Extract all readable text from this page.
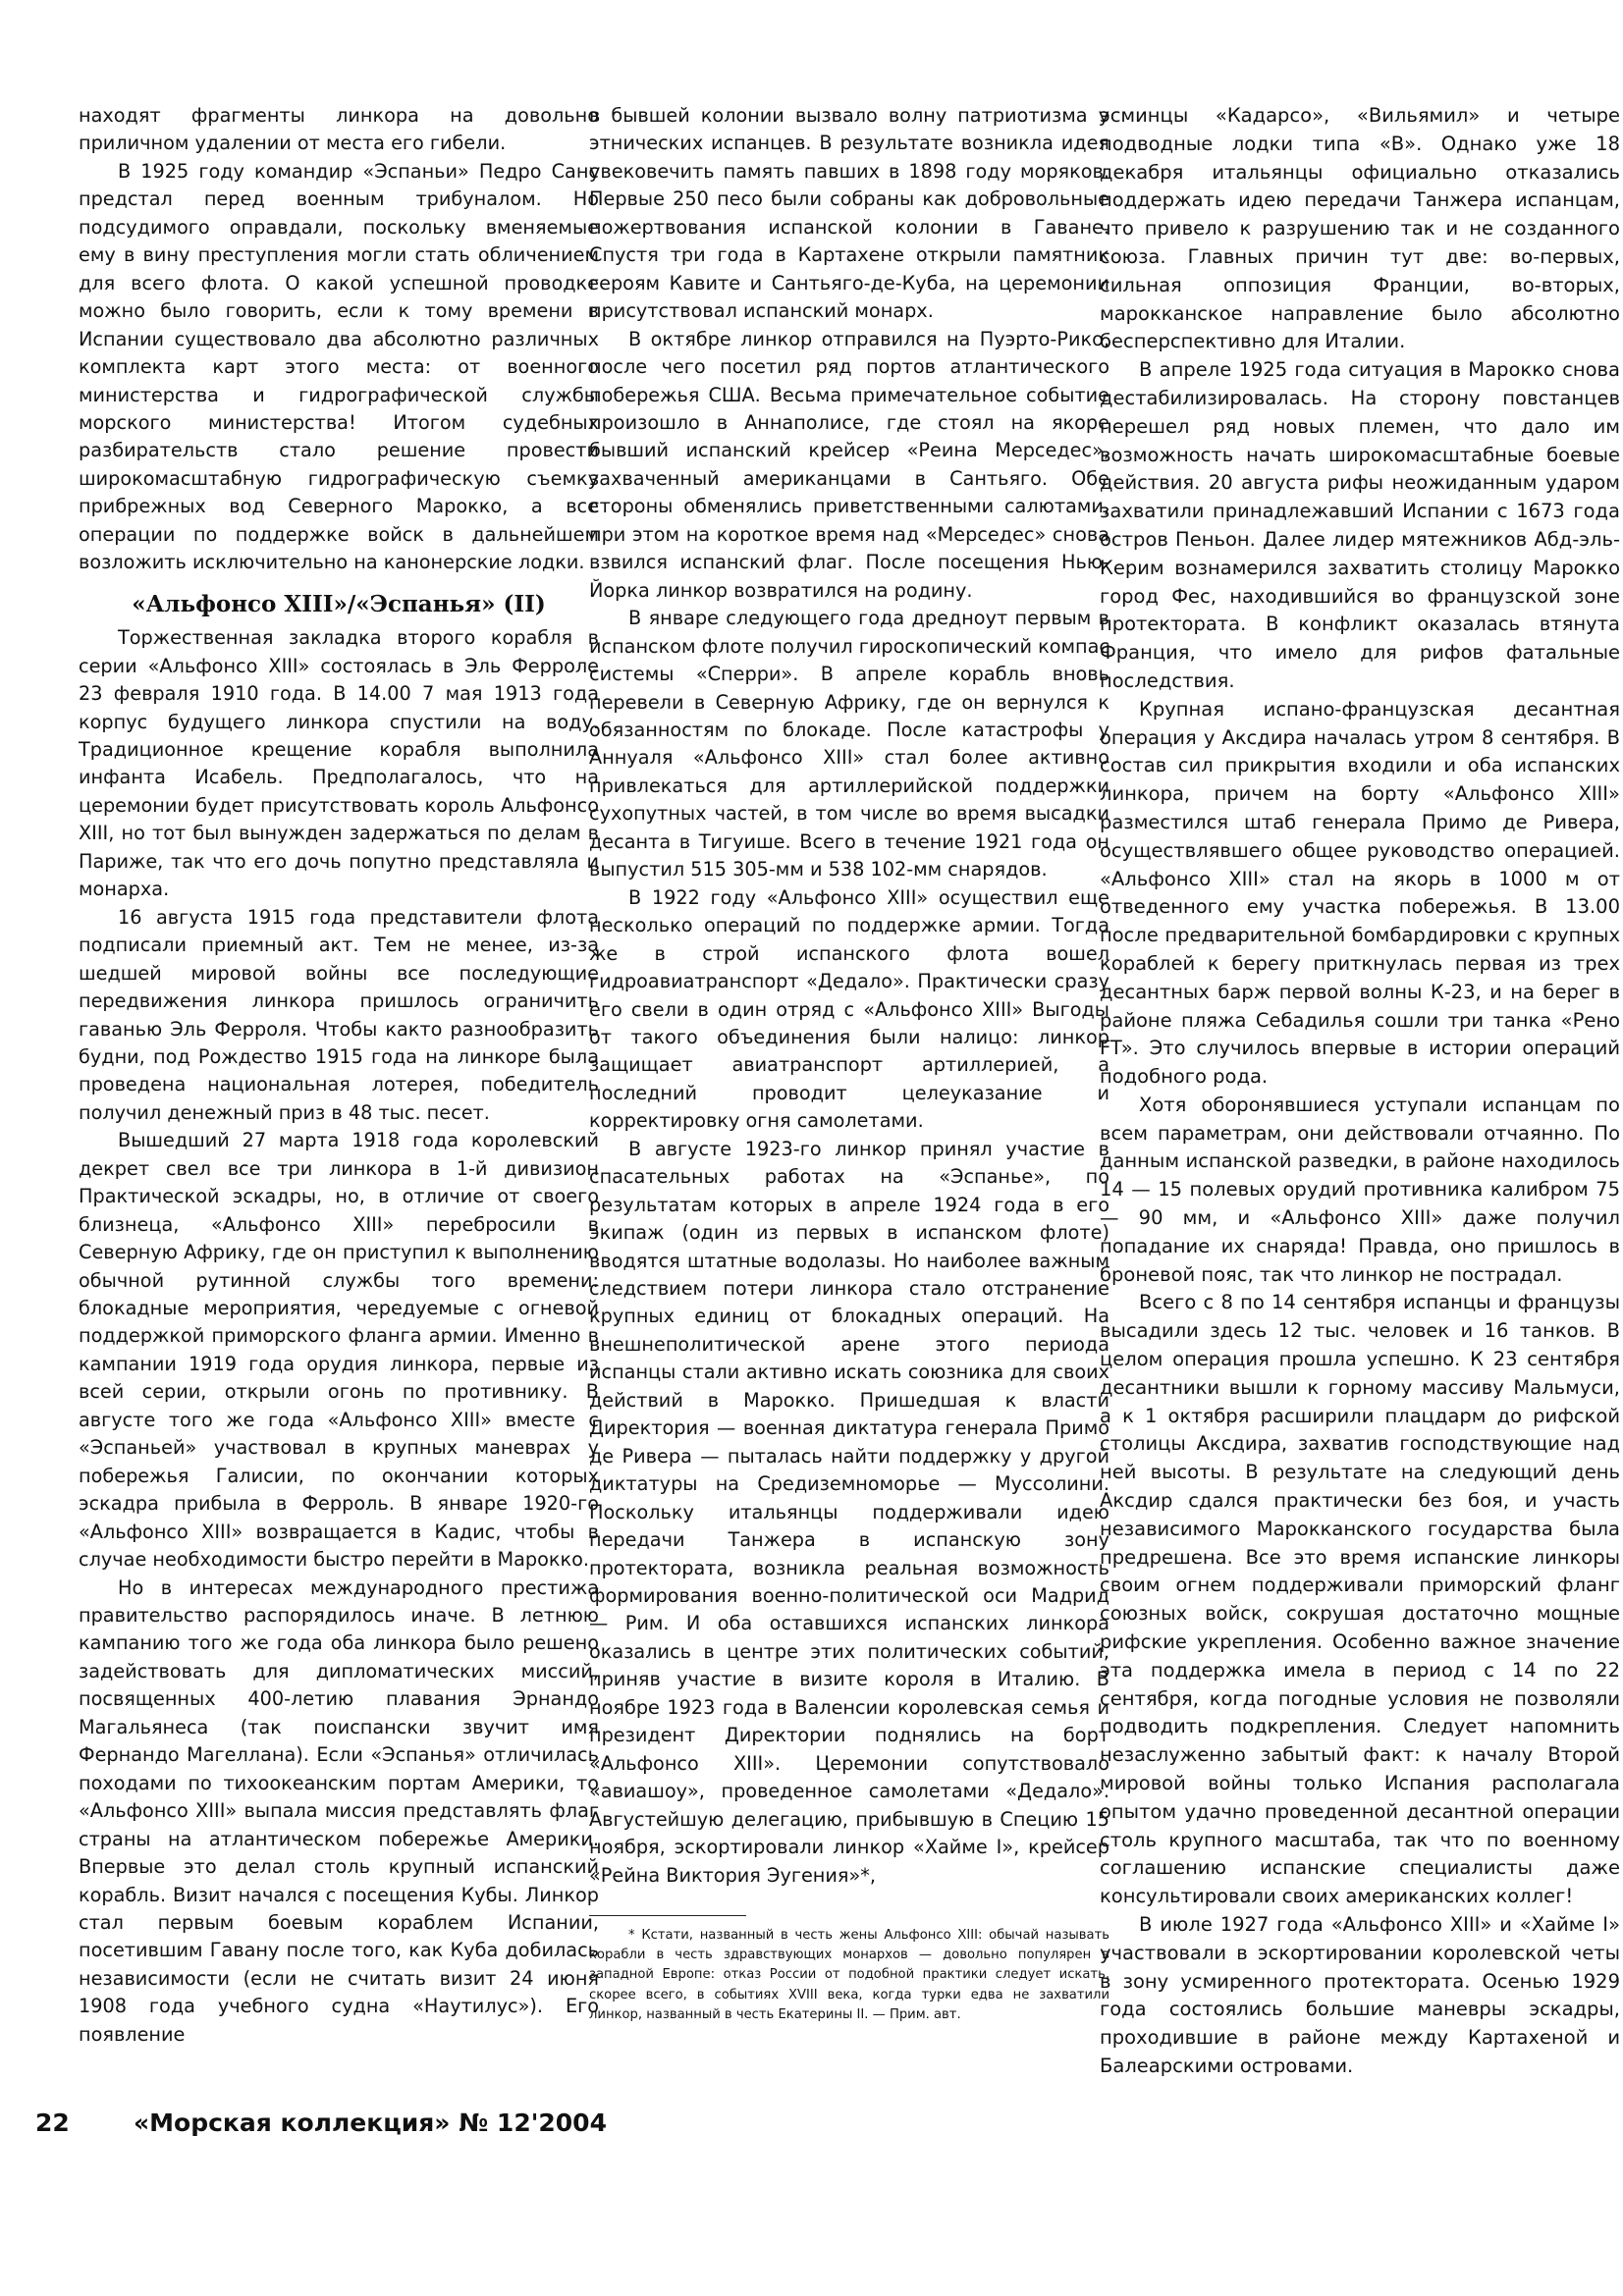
находят фрагменты линкора на довольно приличном удалении от места его гибели.

В 1925 году командир «Эспаньи» Педро Санс предстал перед военным трибуналом. Но подсудимого оправдали, поскольку вменяемые ему в вину преступления могли стать обличением для всего флота. О какой успешной проводке можно было говорить, если к тому времени в Испании существовало два абсолютно различных комплекта карт этого места: от военного министерства и гидрографической службы морского министерства! Итогом судебных разбирательств стало решение провести широкомасштабную гидрографическую съемку прибрежных вод Северного Марокко, а все операции по поддержке войск в дальнейшем возложить исключительно на канонерские лодки.

«Альфонсо XIII»/«Эспанья» (II)

Торжественная закладка второго корабля в серии «Альфонсо XIII» состоялась в Эль Ферроле 23 февраля 1910 года. В 14.00 7 мая 1913 года корпус будущего линкора спустили на воду. Традиционное крещение корабля выполнила инфанта Исабель. Предполагалось, что на церемонии будет присутствовать король Альфонсо XIII, но тот был вынужден задержаться по делам в Париже, так что его дочь попутно представляла и монарха.

16 августа 1915 года представители флота подписали приемный акт. Тем не менее, из-за шедшей мировой войны все последующие передвижения линкора пришлось ограничить гаванью Эль Ферроля. Чтобы както разнообразить будни, под Рождество 1915 года на линкоре была проведена национальная лотерея, победитель получил денежный приз в 48 тыс. песет.

Вышедший 27 марта 1918 года королевский декрет свел все три линкора в 1-й дивизион Практической эскадры, но, в отличие от своего близнеца, «Альфонсо XIII» перебросили в Северную Африку, где он приступил к выполнению обычной рутинной службы того времени: блокадные мероприятия, чередуемые с огневой поддержкой приморского фланга армии. Именно в кампании 1919 года орудия линкора, первые из всей серии, открыли огонь по противнику. В августе того же года «Альфонсо XIII» вместе с «Эспаньей» участвовал в крупных маневрах у побережья Галисии, по окончании которых эскадра прибыла в Ферроль. В январе 1920-го «Альфонсо XIII» возвращается в Кадис, чтобы в случае необходимости быстро перейти в Марокко.

Но в интересах международного престижа правительство распорядилось иначе. В летнюю кампанию того же года оба линкора было решено задействовать для дипломатических миссий, посвященных 400-летию плавания Эрнандо Магальянеса (так поиспански звучит имя Фернандо Магеллана). Если «Эспанья» отличилась походами по тихоокеанским портам Америки, то «Альфонсо XIII» выпала миссия представлять флаг страны на атлантическом побережье Америки. Впервые это делал столь крупный испанский корабль. Визит начался с посещения Кубы. Линкор стал первым боевым кораблем Испании, посетившим Гавану после того, как Куба добилась независимости (если не считать визит 24 июня 1908 года учебного судна «Наутилус»). Его появление

в бывшей колонии вызвало волну патриотизма у этнических испанцев. В результате возникла идея увековечить память павших в 1898 году моряков. Первые 250 песо были собраны как добровольные пожертвования испанской колонии в Гаване. Спустя три года в Картахене открыли памятник героям Кавите и Сантьяго-де-Куба, на церемонии присутствовал испанский монарх.

В октябре линкор отправился на Пуэрто-Рико, после чего посетил ряд портов атлантического побережья США. Весьма примечательное событие произошло в Аннаполисе, где стоял на якоре бывший испанский крейсер «Реина Мерседес», захваченный американцами в Сантьяго. Обе стороны обменялись приветственными салютами, при этом на короткое время над «Мерседес» снова взвился испанский флаг. После посещения Нью-Йорка линкор возвратился на родину.

В январе следующего года дредноут первым в испанском флоте получил гироскопический компас системы «Сперри». В апреле корабль вновь перевели в Северную Африку, где он вернулся к обязанностям по блокаде. После катастрофы у Аннуаля «Альфонсо XIII» стал более активно привлекаться для артиллерийской поддержки сухопутных частей, в том числе во время высадки десанта в Тигуише. Всего в течение 1921 года он выпустил 515 305-мм и 538 102-мм снарядов.

В 1922 году «Альфонсо XIII» осуществил еще несколько операций по поддержке армии. Тогда же в строй испанского флота вошел гидроавиатранспорт «Дедало». Практически сразу его свели в один отряд с «Альфонсо XIII» Выгоды от такого объединения были налицо: линкор защищает авиатранспорт артиллерией, а последний проводит целеуказание и корректировку огня самолетами.

В августе 1923-го линкор принял участие в спасательных работах на «Эспанье», по результатам которых в апреле 1924 года в его экипаж (один из первых в испанском флоте) вводятся штатные водолазы. Но наиболее важным следствием потери линкора стало отстранение крупных единиц от блокадных операций. На внешнеполитической арене этого периода испанцы стали активно искать союзника для своих действий в Марокко. Пришедшая к власти Директория — военная диктатура генерала Примо де Ривера — пыталась найти поддержку у другой диктатуры на Средиземноморье — Муссолини. Поскольку итальянцы поддерживали идею передачи Танжера в испанскую зону протектората, возникла реальная возможность формирования военно-политической оси Мадрид — Рим. И оба оставшихся испанских линкора оказались в центре этих политических событий, приняв участие в визите короля в Италию. В ноябре 1923 года в Валенсии королевская семья и президент Директории поднялись на борт «Альфонсо XIII». Церемонии сопутствовало «авиашоу», проведенное самолетами «Дедало». Августейшую делегацию, прибывшую в Специю 15 ноября, эскортировали линкор «Хайме I», крейсер «Рейна Виктория Эугения»*,

* Кстати, названный в честь жены Альфонсо XIII: обычай называть корабли в честь здравствующих монархов — довольно популярен в западной Европе: отказ России от подобной практики следует искать, скорее всего, в событиях XVIII века, когда турки едва не захватили линкор, названный в честь Екатерины II. — Прим. авт.

эсминцы «Кадарсо», «Вильямил» и четыре подводные лодки типа «В». Однако уже 18 декабря итальянцы официально отказались поддержать идею передачи Танжера испанцам, что привело к разрушению так и не созданного союза. Главных причин тут две: во-первых, сильная оппозиция Франции, во-вторых, марокканское направление было абсолютно бесперспективно для Италии.

В апреле 1925 года ситуация в Марокко снова дестабилизировалась. На сторону повстанцев перешел ряд новых племен, что дало им возможность начать широкомасштабные боевые действия. 20 августа рифы неожиданным ударом захватили принадлежавший Испании с 1673 года остров Пеньон. Далее лидер мятежников Абд-эль-Керим вознамерился захватить столицу Марокко город Фес, находившийся во французской зоне протектората. В конфликт оказалась втянута Франция, что имело для рифов фатальные последствия.

Крупная испано-французская десантная операция у Аксдира началась утром 8 сентября. В состав сил прикрытия входили и оба испанских линкора, причем на борту «Альфонсо XIII» разместился штаб генерала Примо де Ривера, осуществлявшего общее руководство операцией. «Альфонсо XIII» стал на якорь в 1000 м от отведенного ему участка побережья. В 13.00 после предварительной бомбардировки с крупных кораблей к берегу приткнулась первая из трех десантных барж первой волны К-23, и на берег в районе пляжа Себадилья сошли три танка «Рено FT». Это случилось впервые в истории операций подобного рода.

Хотя оборонявшиеся уступали испанцам по всем параметрам, они действовали отчаянно. По данным испанской разведки, в районе находилось 14 — 15 полевых орудий противника калибром 75 — 90 мм, и «Альфонсо XIII» даже получил попадание их снаряда! Правда, оно пришлось в броневой пояс, так что линкор не пострадал.

Всего с 8 по 14 сентября испанцы и французы высадили здесь 12 тыс. человек и 16 танков. В целом операция прошла успешно. К 23 сентября десантники вышли к горному массиву Мальмуси, а к 1 октября расширили плацдарм до рифской столицы Аксдира, захватив господствующие над ней высоты. В результате на следующий день Аксдир сдался практически без боя, и участь независимого Марокканского государства была предрешена. Все это время испанские линкоры своим огнем поддерживали приморский фланг союзных войск, сокрушая достаточно мощные рифские укрепления. Особенно важное значение эта поддержка имела в период с 14 по 22 сентября, когда погодные условия не позволяли подводить подкрепления. Следует напомнить незаслуженно забытый факт: к началу Второй мировой войны только Испания располагала опытом удачно проведенной десантной операции столь крупного масштаба, так что по военному соглашению испанские специалисты даже консультировали своих американских коллег!

В июле 1927 года «Альфонсо XIII» и «Хайме I» участвовали в эскортировании королевской четы в зону усмиренного протектората. Осенью 1929 года состоялись большие маневры эскадры, проходившие в районе между Картахеной и Балеарскими островами.

22	«Морская коллекция» № 12'2004
